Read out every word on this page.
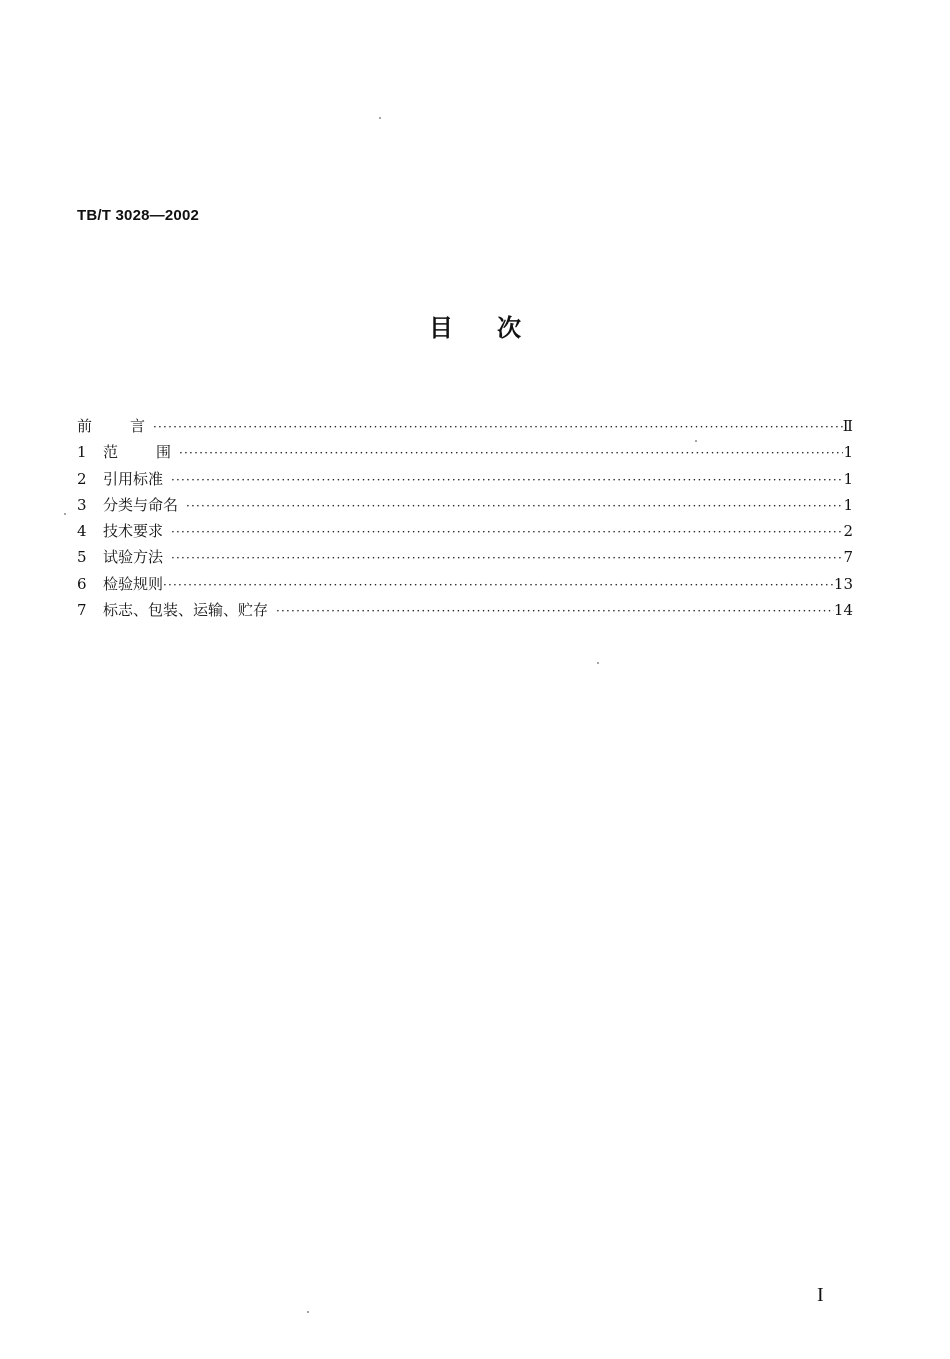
TB/T 3028—2002
目 次
前	言 ·····	Ⅱ
1	范	围 ·····	1
2	引用标准 ·····	1
3	分类与命名 ·····	1
4	技术要求 ·····	2
5	试验方法 ·····	7
6	检验规则 ·····	13
7	标志、包装、运输、贮存 ·····	14
I
